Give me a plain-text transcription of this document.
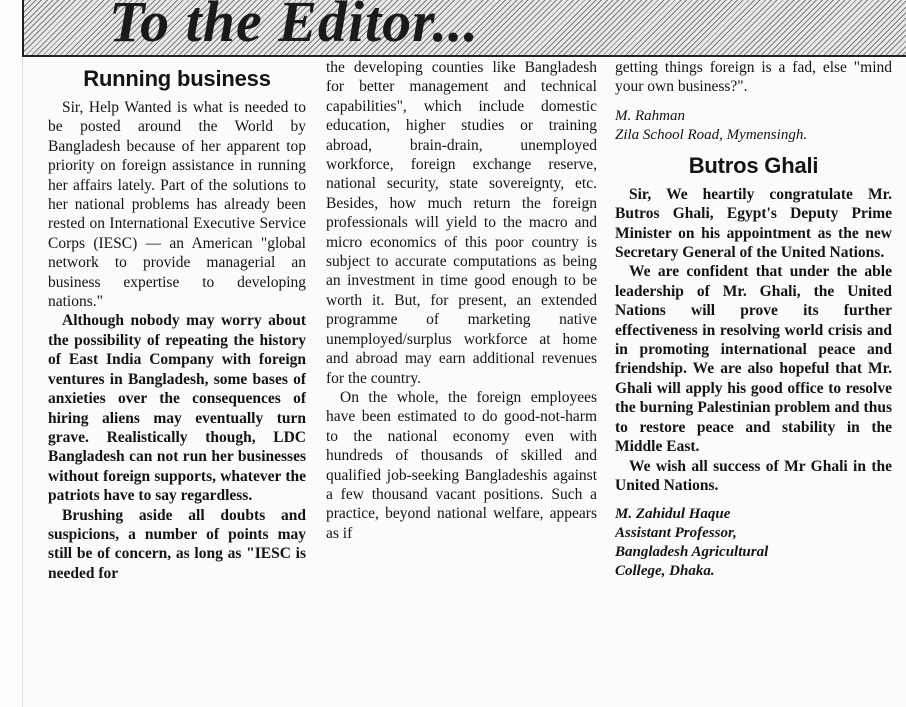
To the Editor...
Running business

Sir, Help Wanted is what is needed to be posted around the World by Bangladesh because of her apparent top priority on foreign assistance in running her affairs lately. Part of the solutions to her national problems has already been rested on International Executive Service Corps (IESC) — an American "global network to provide managerial an business expertise to developing nations."

Although nobody may worry about the possibility of repeating the history of East India Company with foreign ventures in Bangladesh, some bases of anxieties over the consequences of hiring aliens may eventually turn grave. Realistically though, LDC Bangladesh can not run her businesses without foreign supports, whatever the patriots have to say regardless.

Brushing aside all doubts and suspicions, a number of points may still be of concern, as long as "IESC is needed for

the developing counties like Bangladesh for better management and technical capabilities", which include domestic education, higher studies or training abroad, brain-drain, unemployed workforce, foreign exchange reserve, national security, state sovereignty, etc. Besides, how much return the foreign professionals will yield to the macro and micro economics of this poor country is subject to accurate computations as being an investment in time good enough to be worth it. But, for present, an extended programme of marketing native unemployed/surplus workforce at home and abroad may earn additional revenues for the country.

On the whole, the foreign employees have been estimated to do good-not-harm to the national economy even with hundreds of thousands of skilled and qualified job-seeking Bangladeshis against a few thousand vacant positions. Such a practice, beyond national welfare, appears as if

getting things foreign is a fad, else "mind your own business?".

M. Rahman
Zila School Road, Mymensingh.
Butros Ghali

Sir, We heartily congratulate Mr. Butros Ghali, Egypt's Deputy Prime Minister on his appointment as the new Secretary General of the United Nations.

We are confident that under the able leadership of Mr. Ghali, the United Nations will prove its further effectiveness in resolving world crisis and in promoting international peace and friendship. We are also hopeful that Mr. Ghali will apply his good office to resolve the burning Palestinian problem and thus to restore peace and stability in the Middle East.

We wish all success of Mr Ghali in the United Nations.

M. Zahidul Haque
Assistant Professor,
Bangladesh Agricultural
College, Dhaka.
